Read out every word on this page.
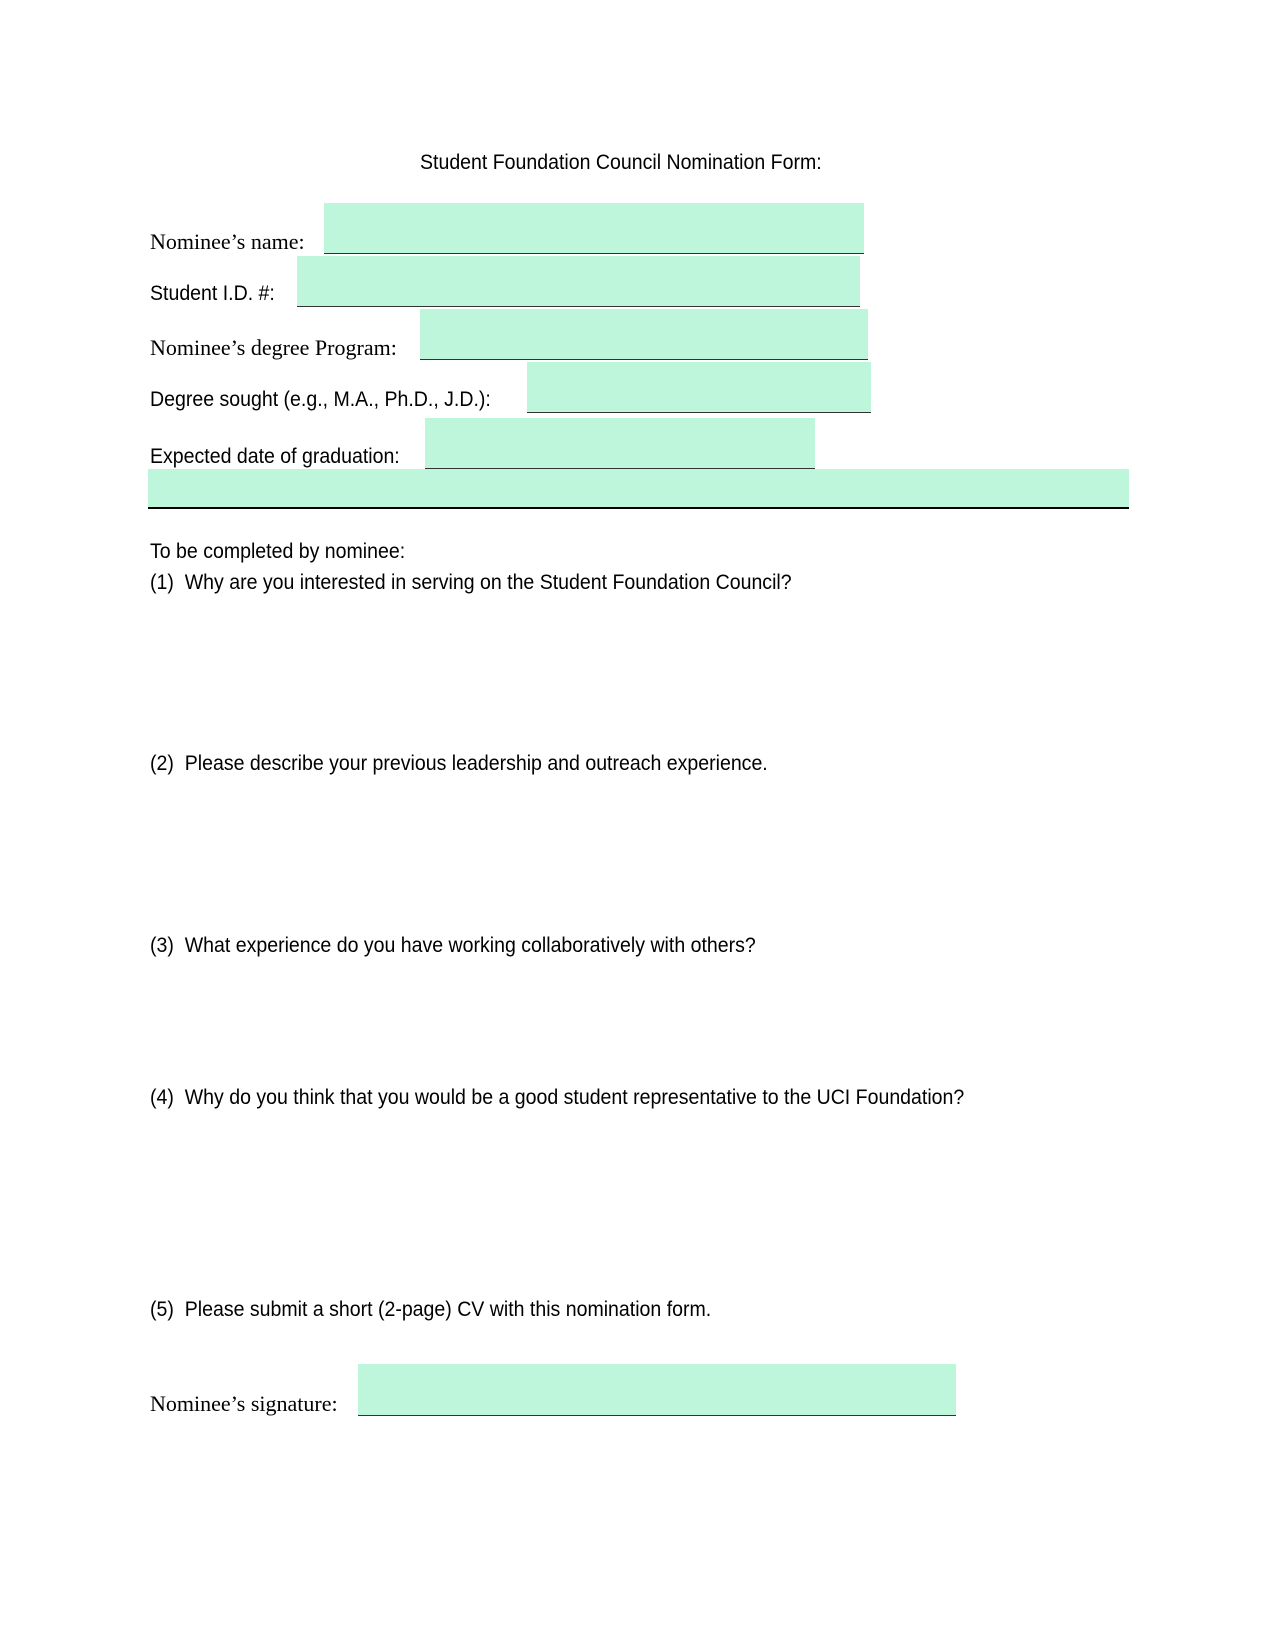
Student Foundation Council Nomination Form:
Nominee’s name:
Student I.D. #:
Nominee’s degree Program:
Degree sought (e.g., M.A., Ph.D., J.D.):
Expected date of graduation:
To be completed by nominee:
(1) Why are you interested in serving on the Student Foundation Council?
(2) Please describe your previous leadership and outreach experience.
(3) What experience do you have working collaboratively with others?
(4) Why do you think that you would be a good student representative to the UCI Foundation?
(5) Please submit a short (2-page) CV with this nomination form.
Nominee’s signature:
